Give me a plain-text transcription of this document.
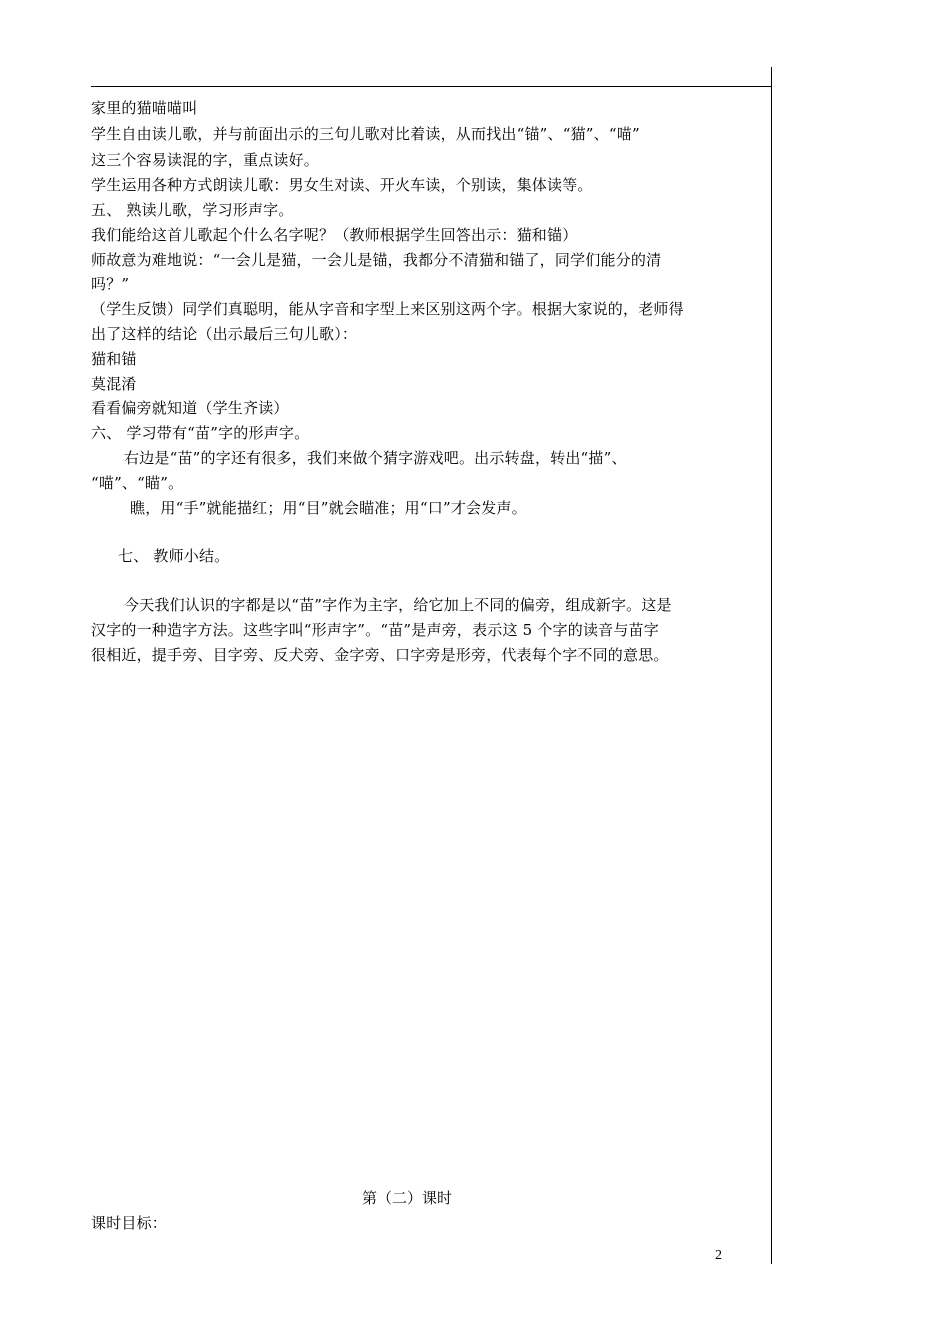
家里的猫喵喵叫
学生自由读儿歌，并与前面出示的三句儿歌对比着读，从而找出“锚”、“猫”、“喵”
这三个容易读混的字，重点读好。
学生运用各种方式朗读儿歌：男女生对读、开火车读，个别读，集体读等。
五、 熟读儿歌，学习形声字。
我们能给这首儿歌起个什么名字呢？（教师根据学生回答出示：猫和锚）
师故意为难地说：“一会儿是猫，一会儿是锚，我都分不清猫和锚了，同学们能分的清
吗？”
（学生反馈）同学们真聪明，能从字音和字型上来区别这两个字。根据大家说的，老师得
出了这样的结论（出示最后三句儿歌）：
猫和锚
莫混淆
看看偏旁就知道（学生齐读）
六、 学习带有“苗”字的形声字。
右边是“苗”的字还有很多，我们来做个猜字游戏吧。出示转盘，转出“描”、
“喵”、“瞄”。
瞧，用“手”就能描红；用“目”就会瞄准；用“口”才会发声。
七、 教师小结。
今天我们认识的字都是以“苗”字作为主字，给它加上不同的偏旁，组成新字。这是
汉字的一种造字方法。这些字叫“形声字”。“苗”是声旁，表示这 5 个字的读音与苗字
很相近，提手旁、目字旁、反犬旁、金字旁、口字旁是形旁，代表每个字不同的意思。
第（二）课时
课时目标：
2
